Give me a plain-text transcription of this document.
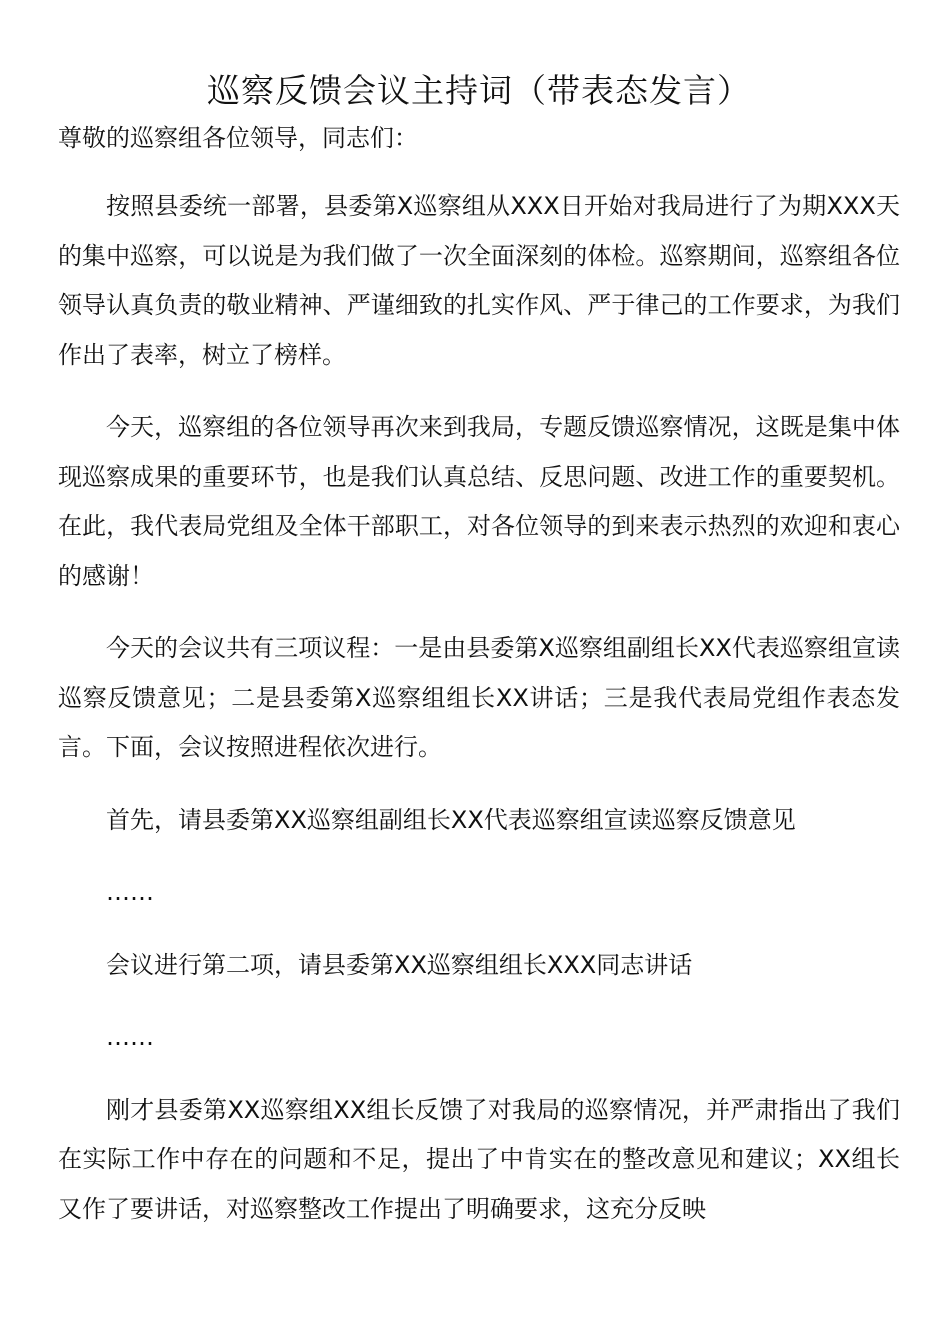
巡察反馈会议主持词（带表态发言）

尊敬的巡察组各位领导，同志们：

按照县委统一部署，县委第X巡察组从XXX日开始对我局进行了为期XXX天的集中巡察，可以说是为我们做了一次全面深刻的体检。巡察期间，巡察组各位领导认真负责的敬业精神、严谨细致的扎实作风、严于律己的工作要求，为我们作出了表率，树立了榜样。

今天，巡察组的各位领导再次来到我局，专题反馈巡察情况，这既是集中体现巡察成果的重要环节，也是我们认真总结、反思问题、改进工作的重要契机。在此，我代表局党组及全体干部职工，对各位领导的到来表示热烈的欢迎和衷心的感谢！

今天的会议共有三项议程：一是由县委第X巡察组副组长XX代表巡察组宣读巡察反馈意见；二是县委第X巡察组组长XX讲话；三是我代表局党组作表态发言。下面，会议按照进程依次进行。

首先，请县委第XX巡察组副组长XX代表巡察组宣读巡察反馈意见

……

会议进行第二项，请县委第XX巡察组组长XXX同志讲话

……

刚才县委第XX巡察组XX组长反馈了对我局的巡察情况，并严肃指出了我们在实际工作中存在的问题和不足，提出了中肯实在的整改意见和建议；XX组长又作了要讲话，对巡察整改工作提出了明确要求，这充分反映
